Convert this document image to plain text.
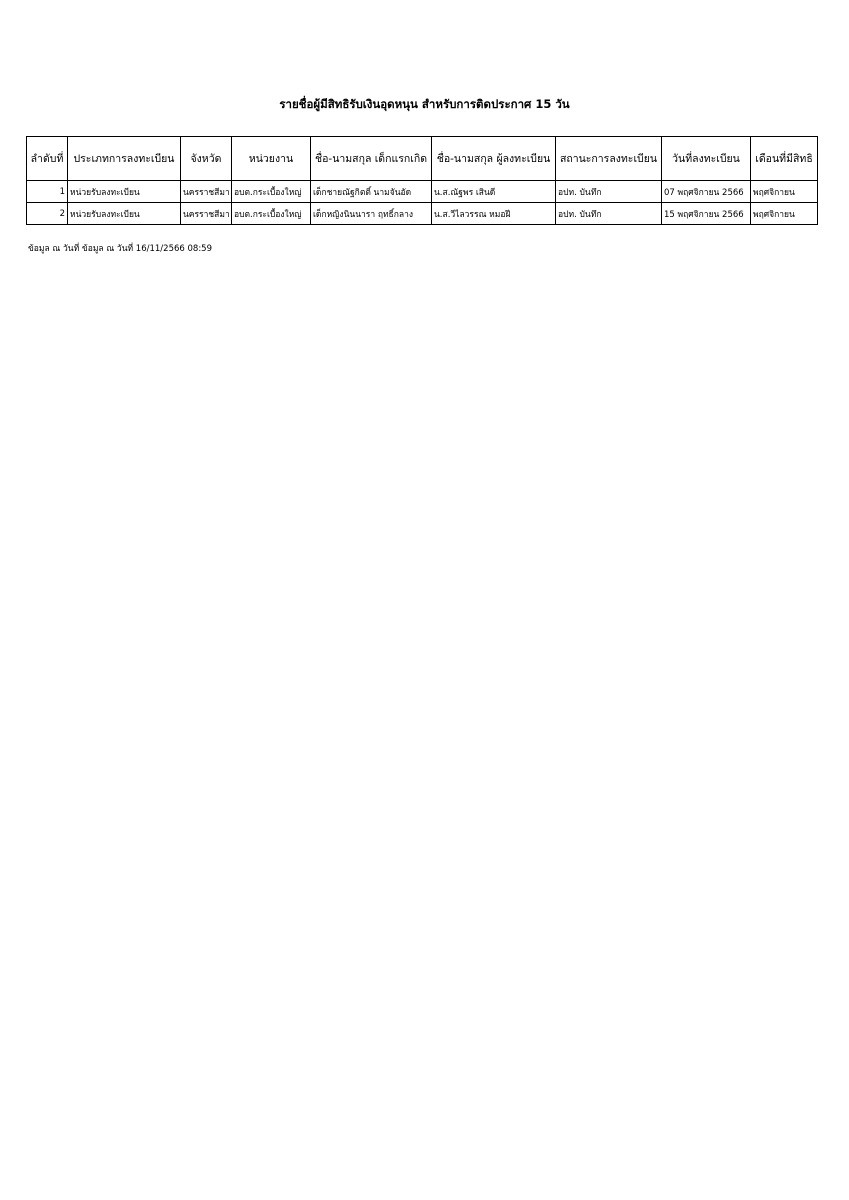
รายชื่อผู้มีสิทธิรับเงินอุดหนุน สำหรับการติดประกาศ 15 วัน
ลำดับที่	ประเภทการลงทะเบียน	จังหวัด	หน่วยงาน	ชื่อ-นามสกุล เด็กแรกเกิด	ชื่อ-นามสกุล ผู้ลงทะเบียน	สถานะการลงทะเบียน	วันที่ลงทะเบียน	เดือนที่มีสิทธิ
1	หน่วยรับลงทะเบียน	นครราชสีมา	อบต.กระเบื้องใหญ่	เด็กชายณัฐกิตติ์ นามจันอัด	น.ส.ณัฐพร เสินดี	อปท. บันทึก	07 พฤศจิกายน 2566	พฤศจิกายน
2	หน่วยรับลงทะเบียน	นครราชสีมา	อบต.กระเบื้องใหญ่	เด็กหญิงนินนารา ฤทธิ์กลาง	น.ส.วีไลวรรณ หมอฝี	อปท. บันทึก	15 พฤศจิกายน 2566	พฤศจิกายน
ข้อมูล ณ วันที่ ข้อมูล ณ วันที่ 16/11/2566 08:59
